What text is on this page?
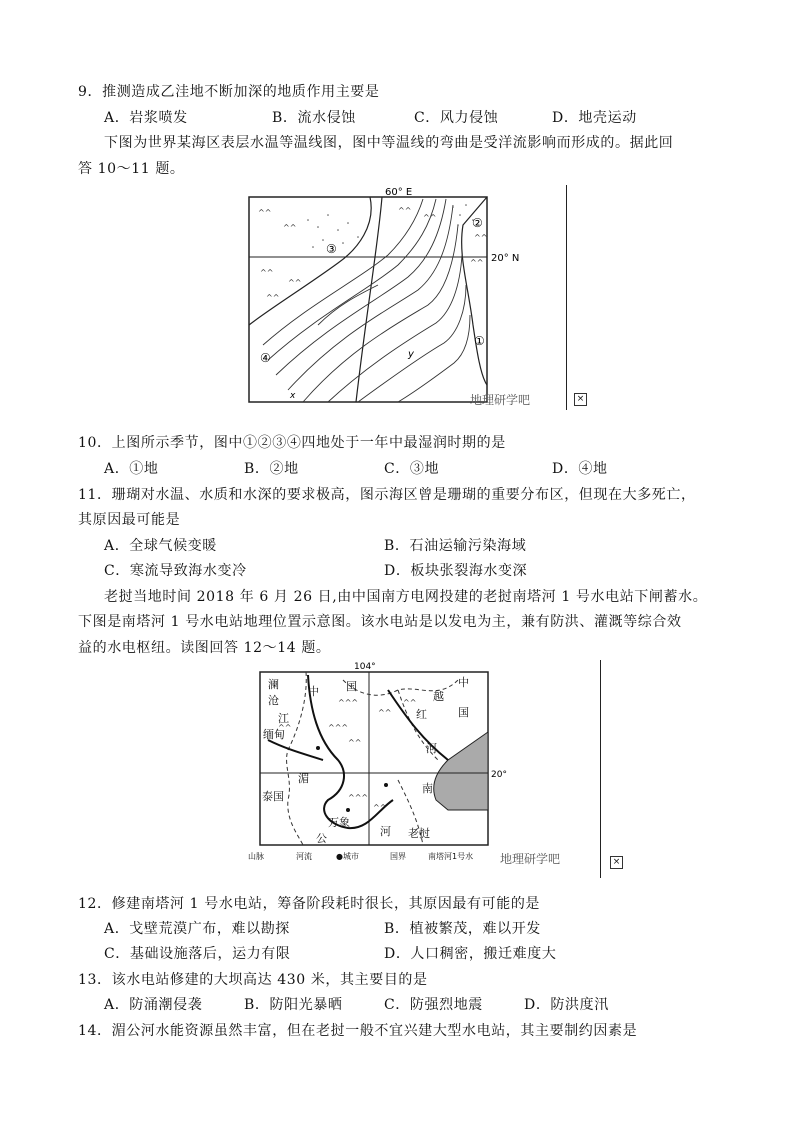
9．推测造成乙洼地不断加深的地质作用主要是
A．岩浆喷发	B．流水侵蚀	C．风力侵蚀	D．地壳运动
下图为世界某海区表层水温等温线图，图中等温线的弯曲是受洋流影响而形成的。据此回
答 10～11 题。
^^
^^
^^
^^
^^
^^
^^
^^
^^
60° E
20° N
②
③
①
④	y
x	地理研学吧	×
10．上图所示季节，图中①②③④四地处于一年中最湿润时期的是
A．①地	B．②地	C．③地	D．④地
11．珊瑚对水温、水质和水深的要求极高，图示海区曾是珊瑚的重要分布区，但现在大多死亡，
其原因最可能是
A．全球气候变暖	B．石油运输污染海域
C．寒流导致海水变冷	D．板块张裂海水变深
老挝当地时间 2018 年 6 月 26 日,由中国南方电网投建的老挝南塔河 1 号水电站下闸蓄水。
下图是南塔河 1 号水电站地理位置示意图。该水电站是以发电为主，兼有防洪、灌溉等综合效
益的水电枢纽。读图回答 12～14 题。
^^^
^^^
^^
^^
^^
^^^
^^
^^
104°
20°
澜
沧
江
中 国
缅甸
中
国
红
河
越
南
湄
泰国
万象
公
河 老挝
山脉	河流	●城市	国界	南塔河1号水 地理研学吧	×
12．修建南塔河 1 号水电站，筹备阶段耗时很长，其原因最有可能的是
A．戈壁荒漠广布，难以勘探	B．植被繁茂，难以开发
C．基础设施落后，运力有限	D．人口稠密，搬迁难度大
13．该水电站修建的大坝高达 430 米，其主要目的是
A．防涌潮侵袭	B．防阳光暴晒	C．防强烈地震	D．防洪度汛
14．湄公河水能资源虽然丰富，但在老挝一般不宜兴建大型水电站，其主要制约因素是
